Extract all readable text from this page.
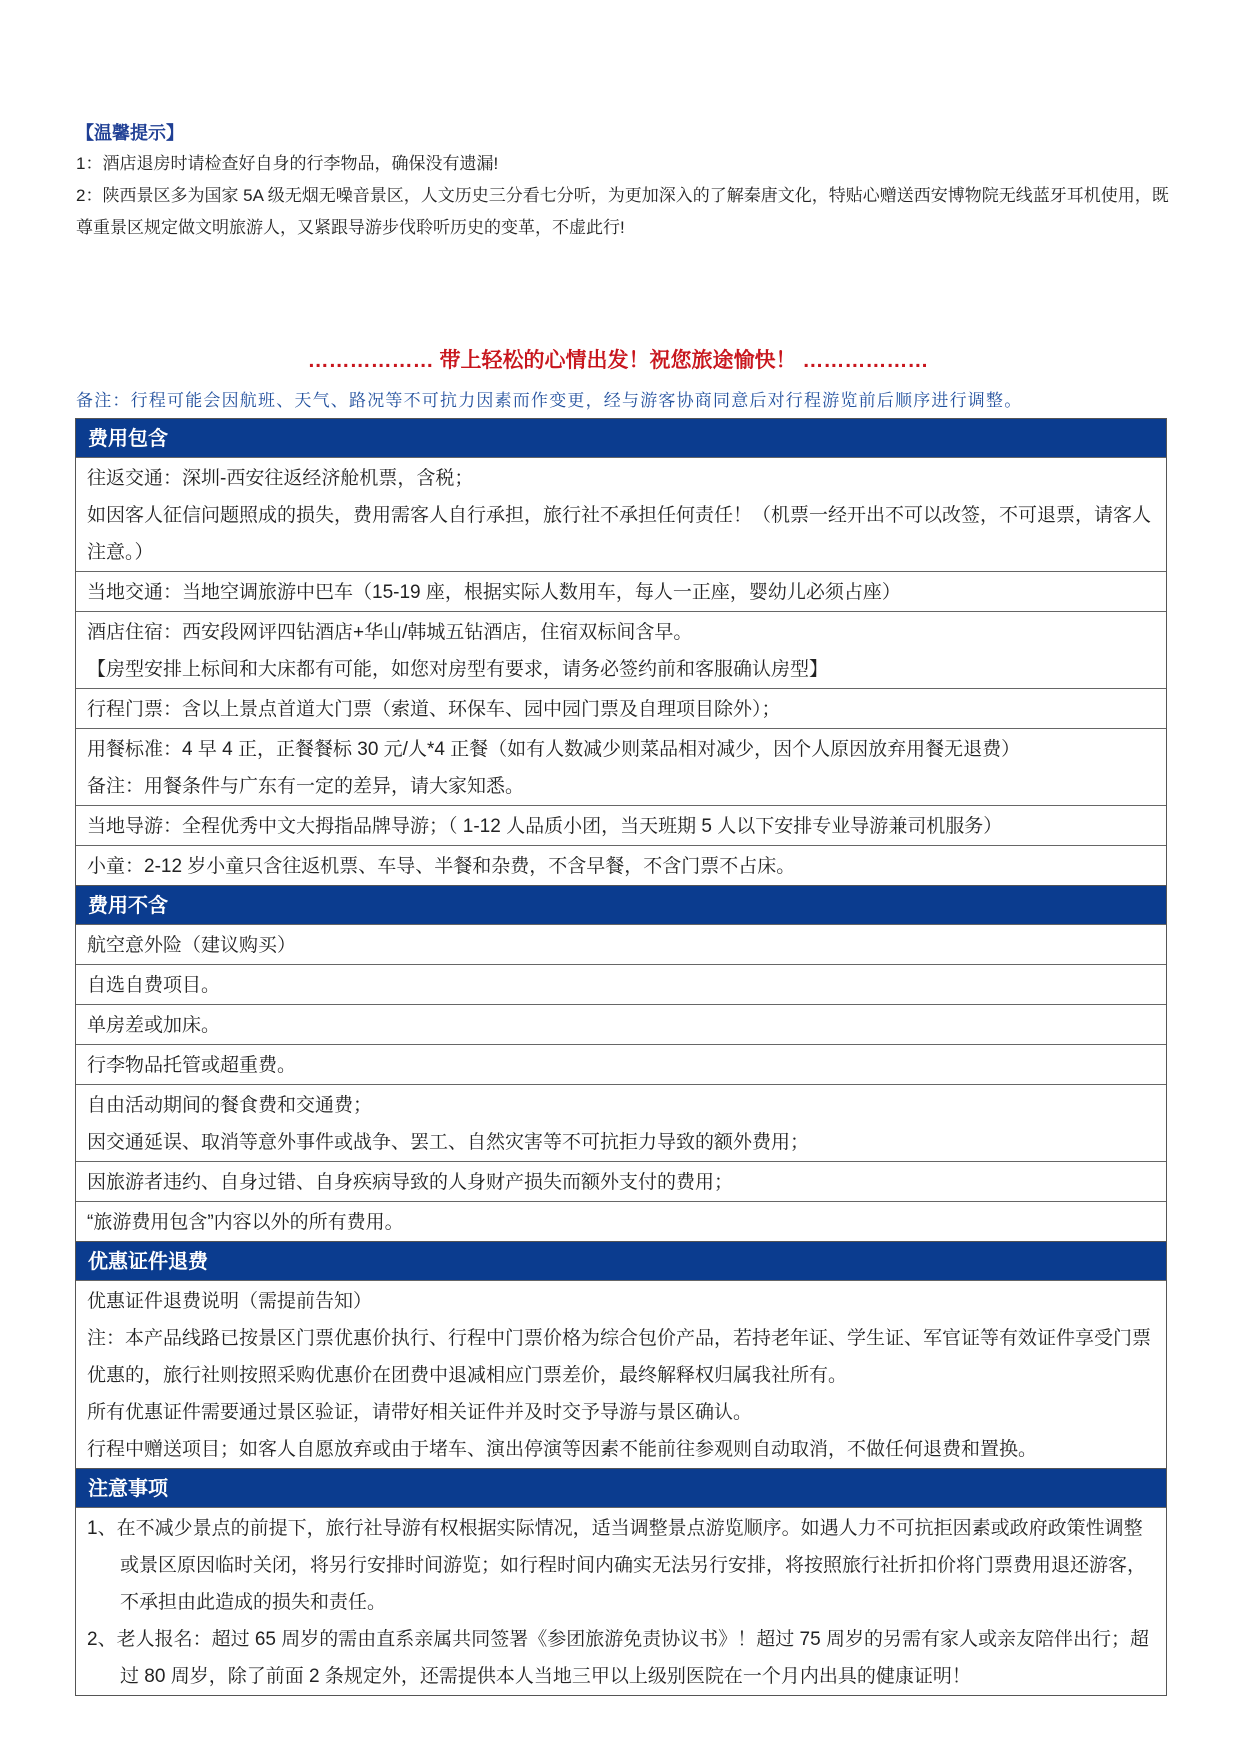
【温馨提示】
1：酒店退房时请检查好自身的行李物品，确保没有遗漏!
2：陕西景区多为国家 5A 级无烟无噪音景区，人文历史三分看七分听，为更加深入的了解秦唐文化，特贴心赠送西安博物院无线蓝牙耳机使用，既尊重景区规定做文明旅游人，又紧跟导游步伐聆听历史的变革，不虚此行!
……………… 带上轻松的心情出发！祝您旅途愉快！ ………………
备注：行程可能会因航班、天气、路况等不可抗力因素而作变更，经与游客协商同意后对行程游览前后顺序进行调整。
费用包含
往返交通：深圳-西安往返经济舱机票，含税；
如因客人征信问题照成的损失，费用需客人自行承担，旅行社不承担任何责任！（机票一经开出不可以改签，不可退票，请客人注意。）
当地交通：当地空调旅游中巴车（15-19 座，根据实际人数用车，每人一正座，婴幼儿必须占座）
酒店住宿：西安段网评四钻酒店+华山/韩城五钻酒店，住宿双标间含早。
【房型安排上标间和大床都有可能，如您对房型有要求，请务必签约前和客服确认房型】
行程门票：含以上景点首道大门票（索道、环保车、园中园门票及自理项目除外）；
用餐标准：4 早 4 正，正餐餐标 30 元/人*4 正餐（如有人数减少则菜品相对减少，因个人原因放弃用餐无退费）
备注：用餐条件与广东有一定的差异，请大家知悉。
当地导游：全程优秀中文大拇指品牌导游；（ 1-12 人品质小团，当天班期 5 人以下安排专业导游兼司机服务）
小童：2-12 岁小童只含往返机票、车导、半餐和杂费，不含早餐，不含门票不占床。
费用不含
航空意外险（建议购买）
自选自费项目。
单房差或加床。
行李物品托管或超重费。
自由活动期间的餐食费和交通费；
因交通延误、取消等意外事件或战争、罢工、自然灾害等不可抗拒力导致的额外费用；
因旅游者违约、自身过错、自身疾病导致的人身财产损失而额外支付的费用；
“旅游费用包含”内容以外的所有费用。
优惠证件退费
优惠证件退费说明（需提前告知）
注：本产品线路已按景区门票优惠价执行、行程中门票价格为综合包价产品，若持老年证、学生证、军官证等有效证件享受门票优惠的，旅行社则按照采购优惠价在团费中退减相应门票差价，最终解释权归属我社所有。
所有优惠证件需要通过景区验证，请带好相关证件并及时交予导游与景区确认。
行程中赠送项目；如客人自愿放弃或由于堵车、演出停演等因素不能前往参观则自动取消，不做任何退费和置换。
注意事项
1、在不减少景点的前提下，旅行社导游有权根据实际情况，适当调整景点游览顺序。如遇人力不可抗拒因素或政府政策性调整或景区原因临时关闭，将另行安排时间游览；如行程时间内确实无法另行安排，将按照旅行社折扣价将门票费用退还游客，不承担由此造成的损失和责任。
2、老人报名：超过 65 周岁的需由直系亲属共同签署《参团旅游免责协议书》！超过 75 周岁的另需有家人或亲友陪伴出行；超过 80 周岁，除了前面 2 条规定外，还需提供本人当地三甲以上级别医院在一个月内出具的健康证明！
